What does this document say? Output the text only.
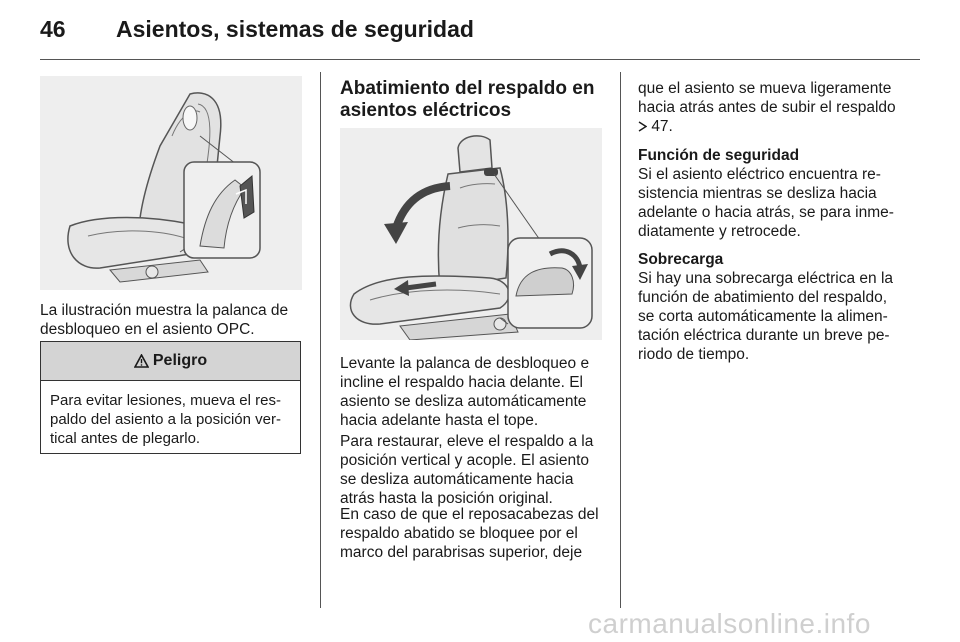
46 Asientos, sistemas de seguridad

La ilustración muestra la palanca de
desbloqueo en el asiento OPC.

Peligro
Para evitar lesiones, mueva el res-
paldo del asiento a la posición ver-
tical antes de plegarlo.
Abatimiento del respaldo en
asientos eléctricos

Levante la palanca de desbloqueo e
incline el respaldo hacia delante. El
asiento se desliza automáticamente
hacia adelante hasta el tope.

Para restaurar, eleve el respaldo a la
posición vertical y acople. El asiento
se desliza automáticamente hacia
atrás hasta la posición original.

En caso de que el reposacabezas del
respaldo abatido se bloquee por el
marco del parabrisas superior, deje

que el asiento se mueva ligeramente
hacia atrás antes de subir el respaldo
47.

Función de seguridad

Si el asiento eléctrico encuentra re-
sistencia mientras se desliza hacia
adelante o hacia atrás, se para inme-
diatamente y retrocede.

Sobrecarga

Si hay una sobrecarga eléctrica en la
función de abatimiento del respaldo,
se corta automáticamente la alimen-
tación eléctrica durante un breve pe-
riodo de tiempo.

carmanualsonline.info
